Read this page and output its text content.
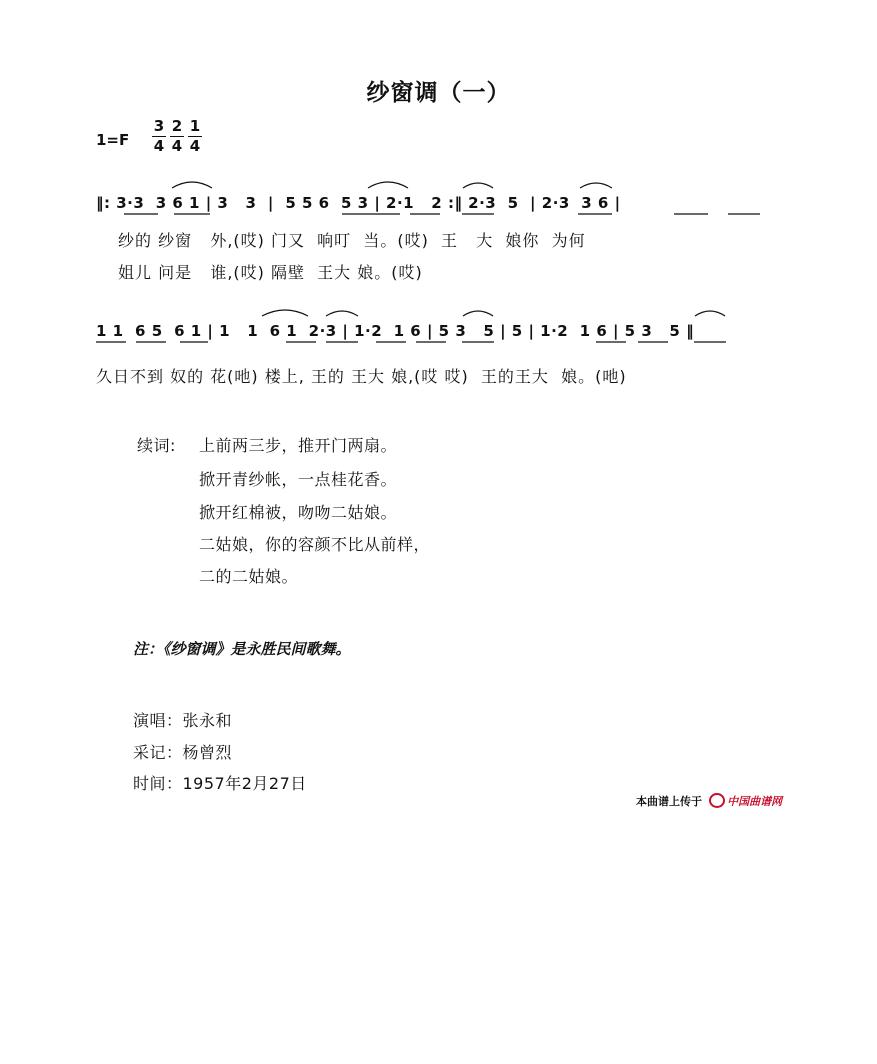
纱窗调（一）
1=F
3
4
2
4
1
4
‖: 3·3  3 6 1 | 3   3  |  5 5 6  5 3 | 2·1   2 :‖ 2·3  5  | 2·3  3 6 |
纱的 纱窗   外,(哎) 门又  响叮  当。(哎)  王   大  娘你  为何
姐儿 问是   谁,(哎) 隔壁  王大 娘。(哎)
1 1  6 5  6 1 | 1   1  6 1  2·3 | 1·2  1 6 | 5 3   5 | 5 | 1·2  1 6 | 5 3   5 ‖
久日不到 奴的 花(吔) 楼上, 王的 王大 娘,(哎 哎)  王的王大  娘。(吔)
续词: 上前两三步，推开门两扇。
掀开青纱帐，一点桂花香。
掀开红棉被，吻吻二姑娘。
二姑娘，你的容颜不比从前样，
二的二姑娘。
注：《纱窗调》是永胜民间歌舞。
演唱：张永和
采记：杨曾烈
时间：1957年2月27日
本曲谱上传于 中国曲谱网
